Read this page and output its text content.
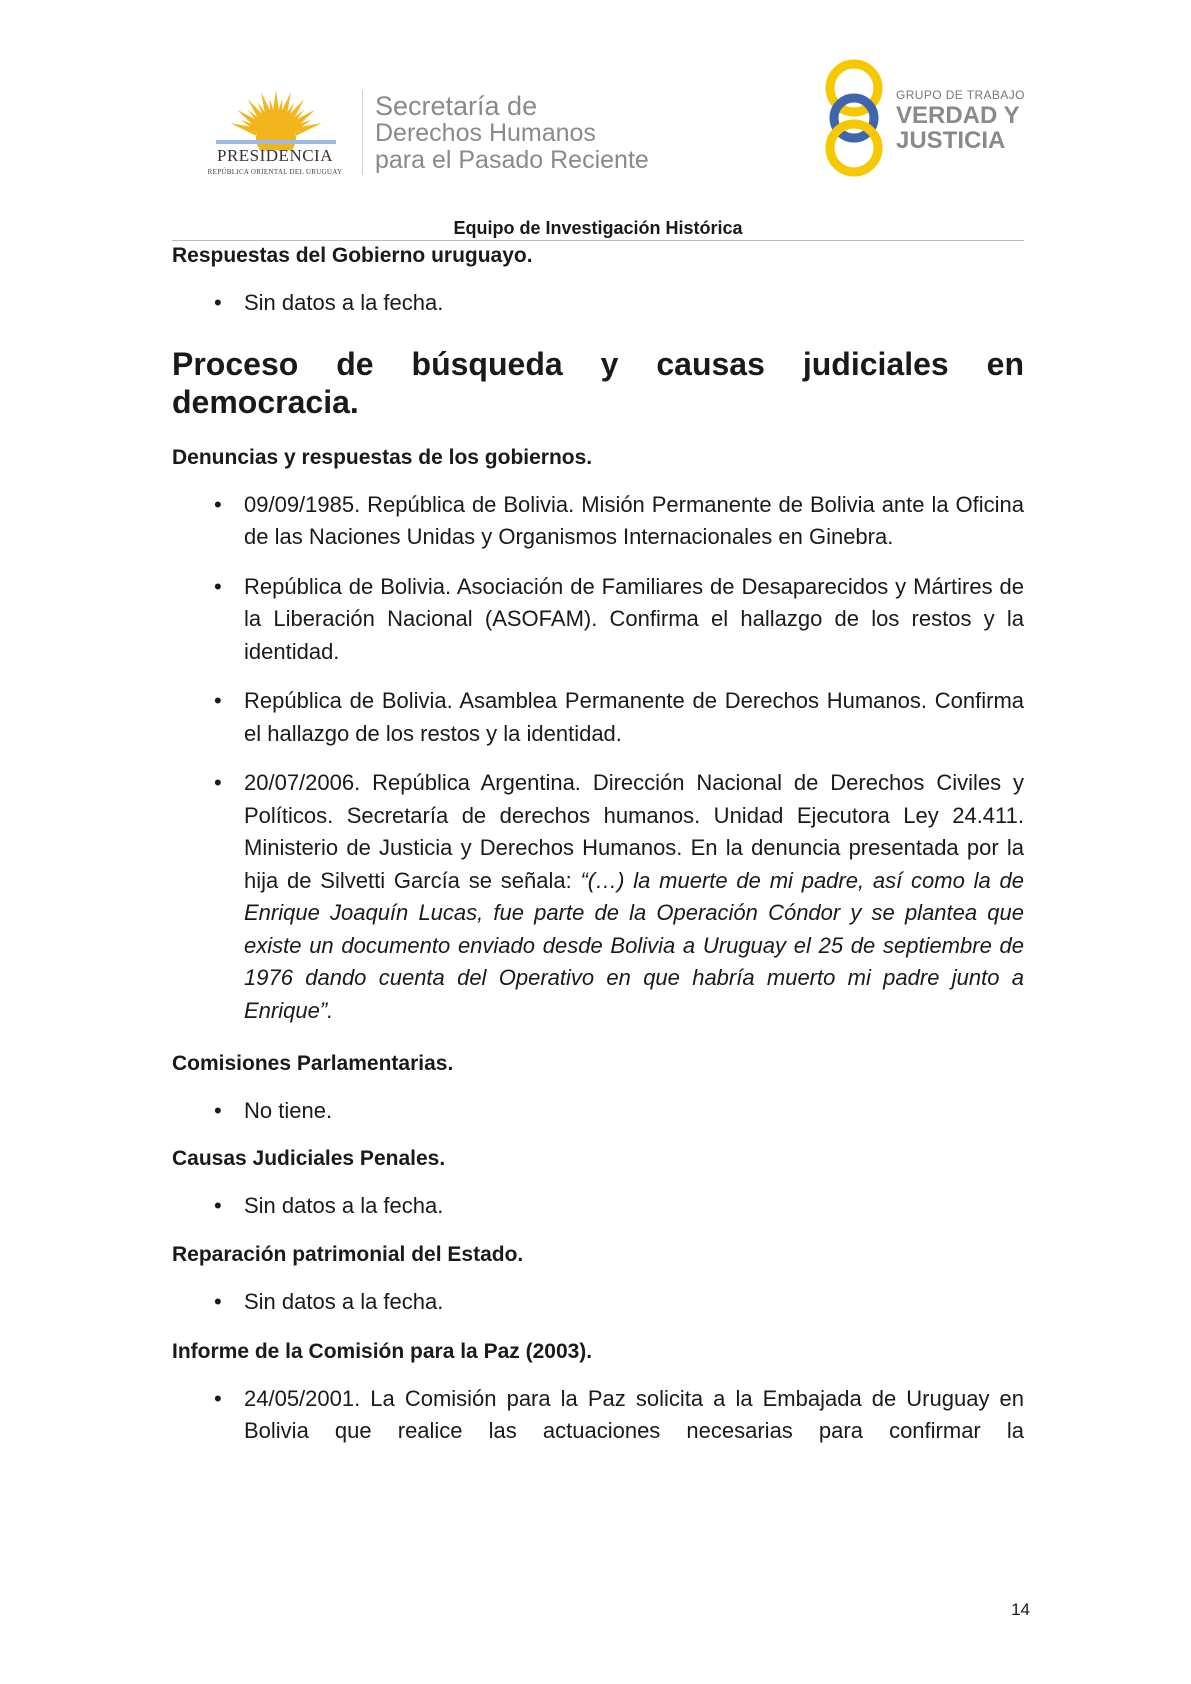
PRESIDENCIA
REPÚBLICA ORIENTAL DEL URUGUAY
Secretaría de
Derechos Humanos
para el Pasado Reciente
GRUPO DE TRABAJO
VERDAD Y
JUSTICIA
Equipo de Investigación Histórica
Respuestas del Gobierno uruguayo.
• Sin datos a la fecha.
Proceso de búsqueda y causas judiciales en democracia.
Denuncias y respuestas de los gobiernos.
• 09/09/1985. República de Bolivia. Misión Permanente de Bolivia ante la Oficina de las Naciones Unidas y Organismos Internacionales en Ginebra.
• República de Bolivia. Asociación de Familiares de Desaparecidos y Mártires de la Liberación Nacional (ASOFAM). Confirma el hallazgo de los restos y la identidad.
• República de Bolivia. Asamblea Permanente de Derechos Humanos. Confirma el hallazgo de los restos y la identidad.
• 20/07/2006. República Argentina. Dirección Nacional de Derechos Civiles y Políticos. Secretaría de derechos humanos. Unidad Ejecutora Ley 24.411. Ministerio de Justicia y Derechos Humanos. En la denuncia presentada por la hija de Silvetti García se señala: “(…) la muerte de mi padre, así como la de Enrique Joaquín Lucas, fue parte de la Operación Cóndor y se plantea que existe un documento enviado desde Bolivia a Uruguay el 25 de septiembre de 1976 dando cuenta del Operativo en que habría muerto mi padre junto a Enrique”.
Comisiones Parlamentarias.
• No tiene.
Causas Judiciales Penales.
• Sin datos a la fecha.
Reparación patrimonial del Estado.
• Sin datos a la fecha.
Informe de la Comisión para la Paz (2003).
• 24/05/2001. La Comisión para la Paz solicita a la Embajada de Uruguay en Bolivia que realice las actuaciones necesarias para confirmar la
14
